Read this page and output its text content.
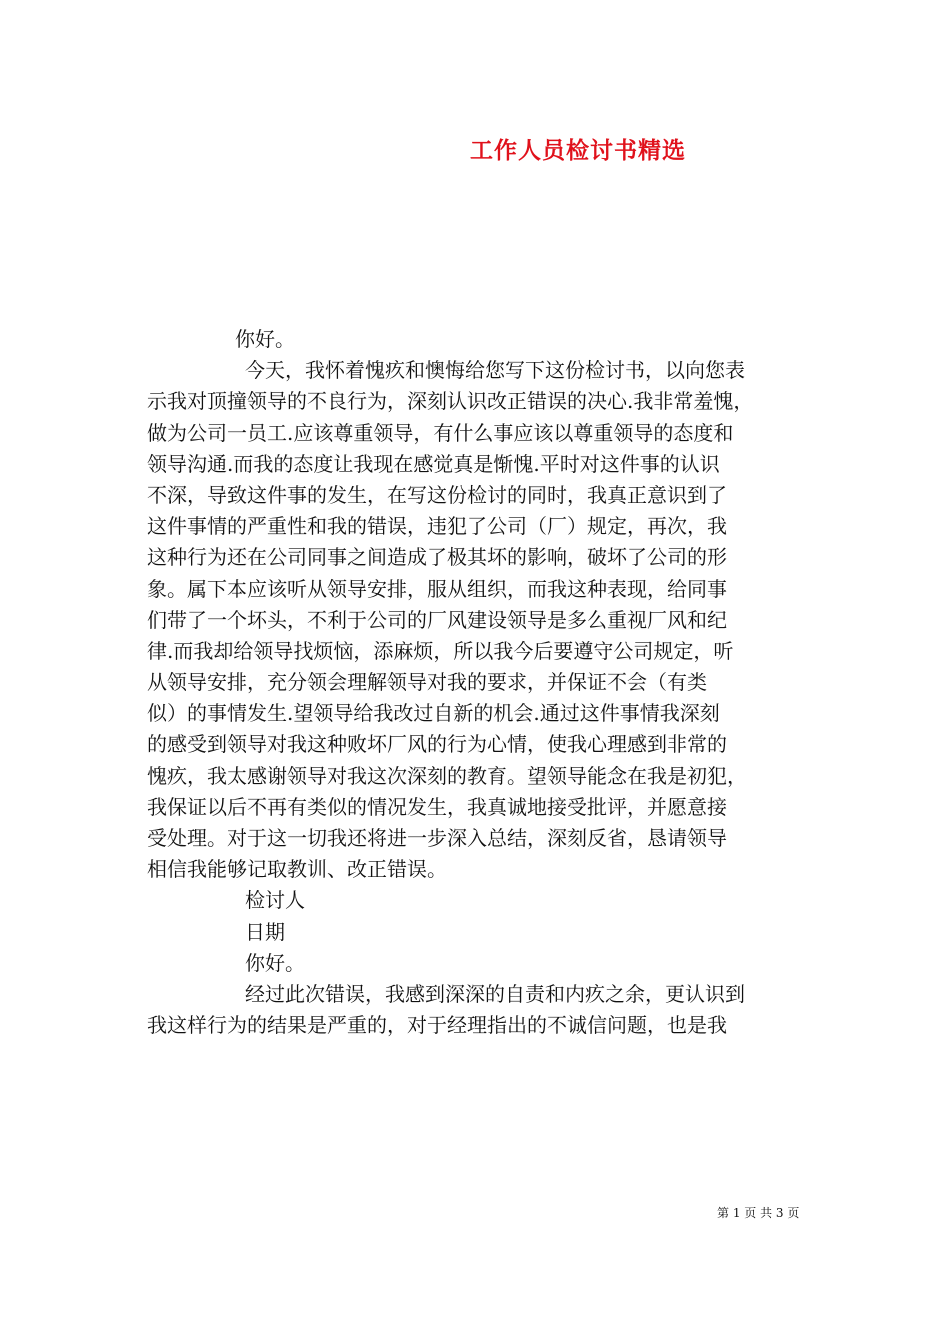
工作人员检讨书精选
你好。
今天，我怀着愧疚和懊悔给您写下这份检讨书，以向您表
示我对顶撞领导的不良行为，深刻认识改正错误的决心.我非常羞愧，
做为公司一员工.应该尊重领导，有什么事应该以尊重领导的态度和
领导沟通.而我的态度让我现在感觉真是惭愧.平时对这件事的认识
不深，导致这件事的发生，在写这份检讨的同时，我真正意识到了
这件事情的严重性和我的错误，违犯了公司（厂）规定，再次，我
这种行为还在公司同事之间造成了极其坏的影响，破坏了公司的形
象。属下本应该听从领导安排，服从组织，而我这种表现，给同事
们带了一个坏头，不利于公司的厂风建设领导是多么重视厂风和纪
律.而我却给领导找烦恼，添麻烦，所以我今后要遵守公司规定，听
从领导安排，充分领会理解领导对我的要求，并保证不会（有类
似）的事情发生.望领导给我改过自新的机会.通过这件事情我深刻
的感受到领导对我这种败坏厂风的行为心情，使我心理感到非常的
愧疚，我太感谢领导对我这次深刻的教育。望领导能念在我是初犯，
我保证以后不再有类似的情况发生，我真诚地接受批评，并愿意接
受处理。对于这一切我还将进一步深入总结，深刻反省，恳请领导
相信我能够记取教训、改正错误。
检讨人
日期
你好。
经过此次错误，我感到深深的自责和内疚之余，更认识到
我这样行为的结果是严重的，对于经理指出的不诚信问题，也是我
第 1 页 共 3 页
